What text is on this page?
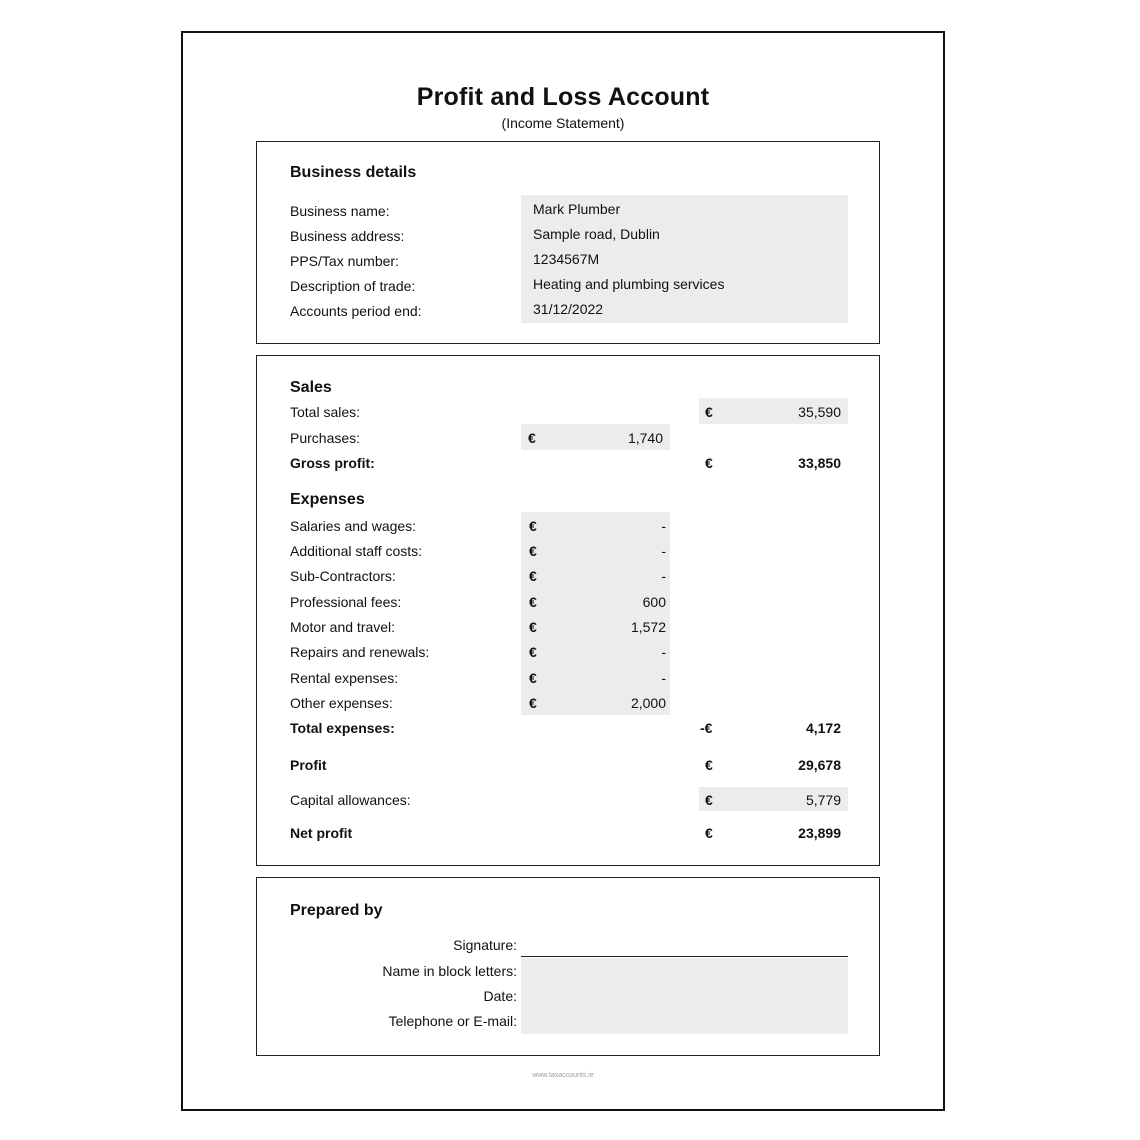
Profit and Loss Account
(Income Statement)
Business details
Business name:	Mark Plumber
Business address:	Sample road, Dublin
PPS/Tax number:	1234567M
Description of trade:	Heating and plumbing services
Accounts period end:	31/12/2022
Sales
Total sales:	€	35,590
Purchases:	€	1,740
Gross profit:	€	33,850
Expenses
Salaries and wages:	€	-
Additional staff costs:	€	-
Sub-Contractors:	€	-
Professional fees:	€	600
Motor and travel:	€	1,572
Repairs and renewals:	€	-
Rental expenses:	€	-
Other expenses:	€	2,000
Total expenses:	-€	4,172
Profit	€	29,678
Capital allowances:	€	5,779
Net profit	€	23,899
Prepared by
Signature:
Name in block letters:
Date:
Telephone or E-mail:
www.taxaccounts.ie
